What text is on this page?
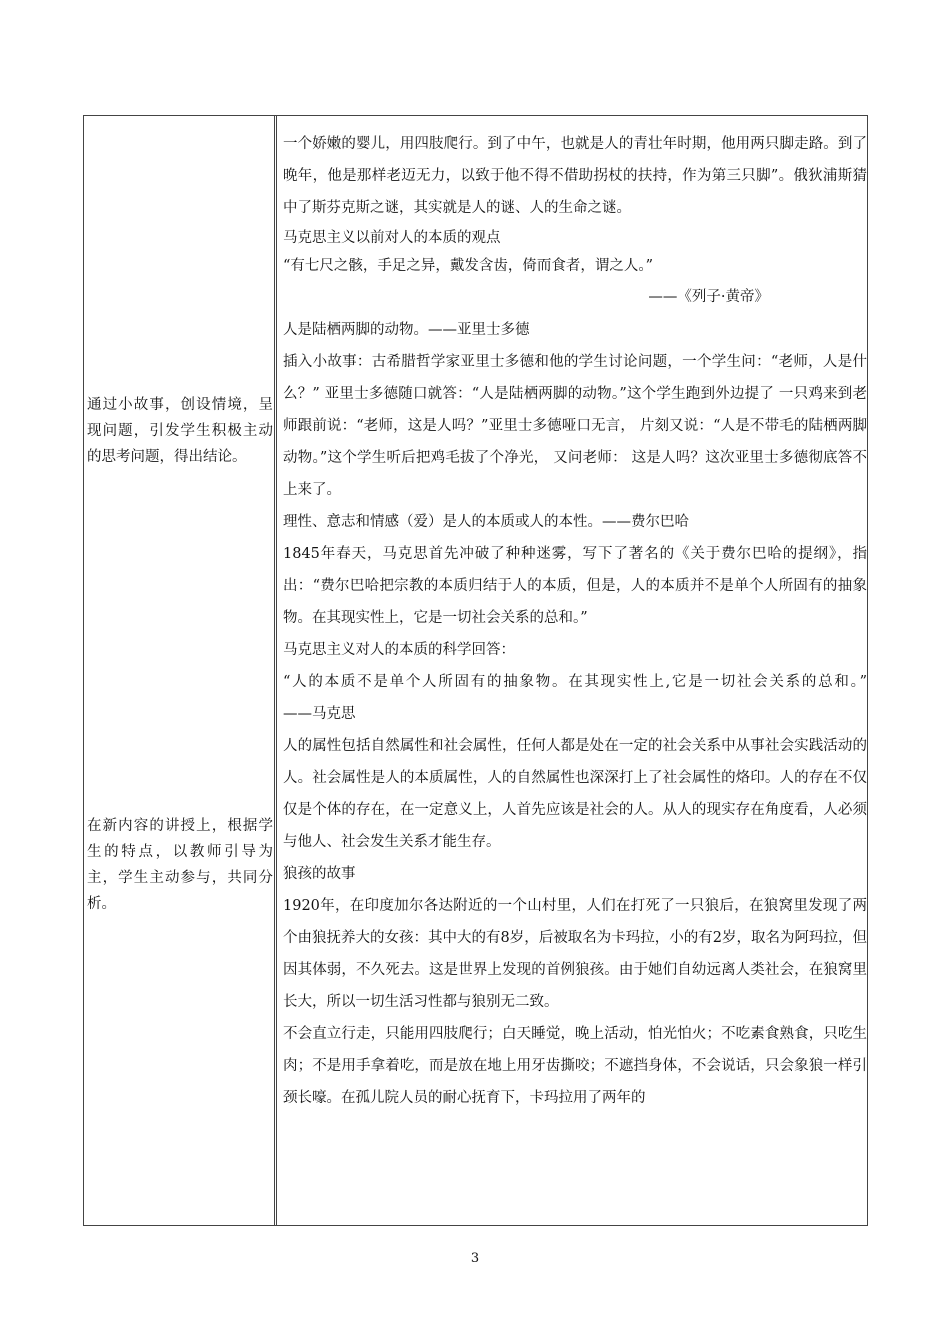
通过小故事，创设情境，呈现问题，引发学生积极主动的思考问题，得出结论。
在新内容的讲授上，根据学生的特点，以教师引导为主，学生主动参与，共同分析。

一个娇嫩的婴儿，用四肢爬行。到了中午，也就是人的青壮年时期，他用两只脚走路。到了晚年，他是那样老迈无力，以致于他不得不借助拐杖的扶持，作为第三只脚”。俄狄浦斯猜中了斯芬克斯之谜，其实就是人的谜、人的生命之谜。

马克思主义以前对人的本质的观点

“有七尺之骸，手足之异，戴发含齿，倚而食者，谓之人。”

——《列子·黄帝》

人是陆栖两脚的动物。——亚里士多德

插入小故事：古希腊哲学家亚里士多德和他的学生讨论问题，一个学生问：“老师，人是什么？” 亚里士多德随口就答：“人是陆栖两脚的动物。”这个学生跑到外边提了 一只鸡来到老师跟前说：“老师，这是人吗？”亚里士多德哑口无言， 片刻又说：“人是不带毛的陆栖两脚动物。”这个学生听后把鸡毛拔了个净光， 又问老师： 这是人吗？这次亚里士多德彻底答不上来了。

理性、意志和情感（爱）是人的本质或人的本性。——费尔巴哈

1845年春天，马克思首先冲破了种种迷雾，写下了著名的《关于费尔巴哈的提纲》，指出：“费尔巴哈把宗教的本质归结于人的本质，但是，人的本质并不是单个人所固有的抽象物。在其现实性上，它是一切社会关系的总和。”

马克思主义对人的本质的科学回答：

“人的本质不是单个人所固有的抽象物。在其现实性上,它是一切社会关系的总和。”                        ——马克思

人的属性包括自然属性和社会属性，任何人都是处在一定的社会关系中从事社会实践活动的人。社会属性是人的本质属性，人的自然属性也深深打上了社会属性的烙印。人的存在不仅仅是个体的存在，在一定意义上，人首先应该是社会的人。从人的现实存在角度看，人必须与他人、社会发生关系才能生存。

狼孩的故事

1920年，在印度加尔各达附近的一个山村里，人们在打死了一只狼后，在狼窝里发现了两个由狼抚养大的女孩：其中大的有8岁，后被取名为卡玛拉，小的有2岁，取名为阿玛拉，但因其体弱，不久死去。这是世界上发现的首例狼孩。由于她们自幼远离人类社会，在狼窝里长大，所以一切生活习性都与狼别无二致。

不会直立行走，只能用四肢爬行；白天睡觉，晚上活动，怕光怕火；不吃素食熟食，只吃生肉；不是用手拿着吃，而是放在地上用牙齿撕咬；不遮挡身体，不会说话，只会象狼一样引颈长嚎。在孤儿院人员的耐心抚育下，卡玛拉用了两年的

3
